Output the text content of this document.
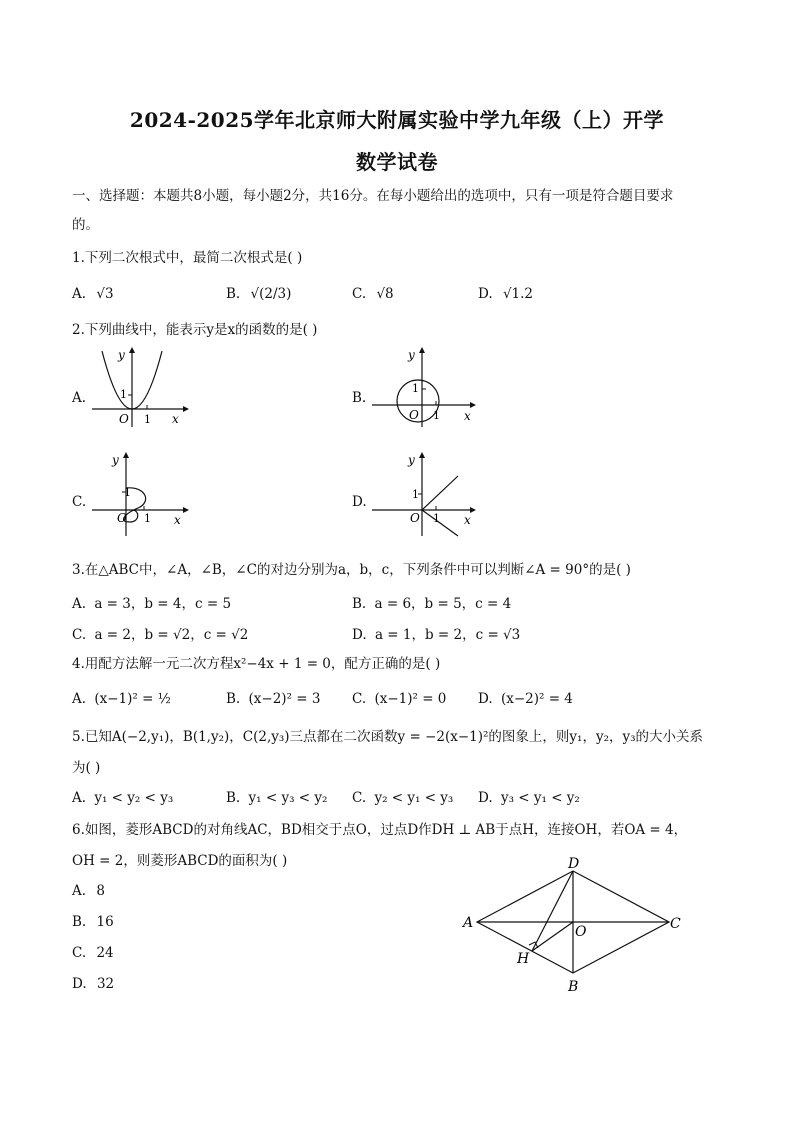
2024-2025学年北京师大附属实验中学九年级（上）开学
数学试卷
一、选择题：本题共8小题，每小题2分，共16分。在每小题给出的选项中，只有一项是符合题目要求
的。
1.下列二次根式中，最简二次根式是( )
A. √3	B. √(2/3)	C. √8	D. √1.2
2.下列曲线中，能表示y是x的函数的是( )
A.
y
x
O
1
1
B.
y
x
O
1
1
C.
y
x
O
1
1
D.
y
x
O
1
1
3.在△ABC中，∠A，∠B，∠C的对边分别为a，b，c，下列条件中可以判断∠A = 90°的是( )
A. a = 3，b = 4，c = 5	B. a = 6，b = 5，c = 4
C. a = 2，b = √2，c = √2	D. a = 1，b = 2，c = √3
4.用配方法解一元二次方程x²−4x + 1 = 0，配方正确的是( )
A. (x−1)² = ½	B. (x−2)² = 3 C. (x−1)² = 0 D. (x−2)² = 4
5.已知A(−2,y₁)，B(1,y₂)，C(2,y₃)三点都在二次函数y = −2(x−1)²的图象上，则y₁，y₂，y₃的大小关系
为( )
A. y₁ < y₂ < y₃	B. y₁ < y₃ < y₂ C. y₂ < y₁ < y₃ D. y₃ < y₁ < y₂
6.如图，菱形ABCD的对角线AC，BD相交于点O，过点D作DH ⊥ AB于点H，连接OH，若OA = 4，
OH = 2，则菱形ABCD的面积为( )
A. 8
B. 16
C. 24
D. 32
A
B
C
D
O
H
